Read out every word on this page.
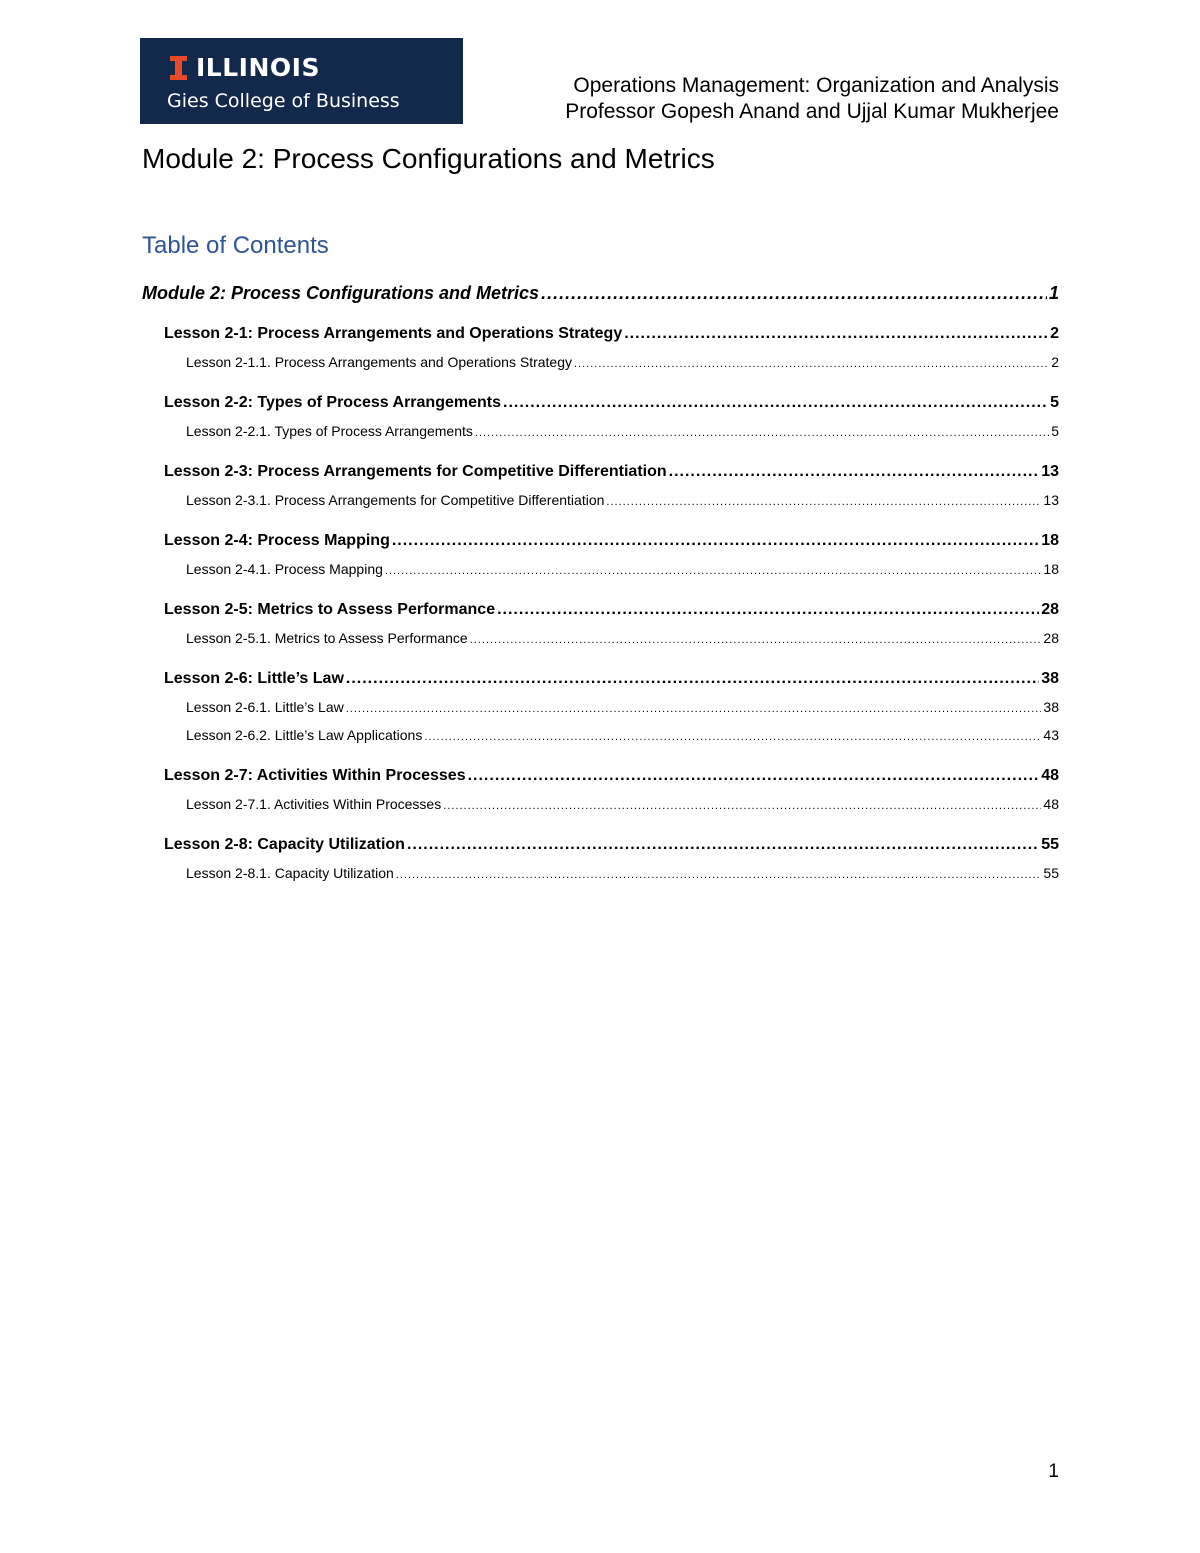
ILLINOIS
Gies College of Business
Operations Management: Organization and Analysis
Professor Gopesh Anand and Ujjal Kumar Mukherjee
Module 2: Process Configurations and Metrics
Table of Contents
Module 2: Process Configurations and Metrics .....	1
Lesson 2-1: Process Arrangements and Operations Strategy .....	2
Lesson 2-1.1. Process Arrangements and Operations Strategy .....	2
Lesson 2-2: Types of Process Arrangements .....	5
Lesson 2-2.1. Types of Process Arrangements .....	5
Lesson 2-3: Process Arrangements for Competitive Differentiation .....	13
Lesson 2-3.1. Process Arrangements for Competitive Differentiation .....	13
Lesson 2-4: Process Mapping .....	18
Lesson 2-4.1. Process Mapping .....	18
Lesson 2-5: Metrics to Assess Performance .....	28
Lesson 2-5.1. Metrics to Assess Performance .....	28
Lesson 2-6: Little’s Law .....	38
Lesson 2-6.1. Little’s Law .....	38
Lesson 2-6.2. Little’s Law Applications .....	43
Lesson 2-7: Activities Within Processes .....	48
Lesson 2-7.1. Activities Within Processes .....	48
Lesson 2-8: Capacity Utilization .....	55
Lesson 2-8.1. Capacity Utilization .....	55
1
